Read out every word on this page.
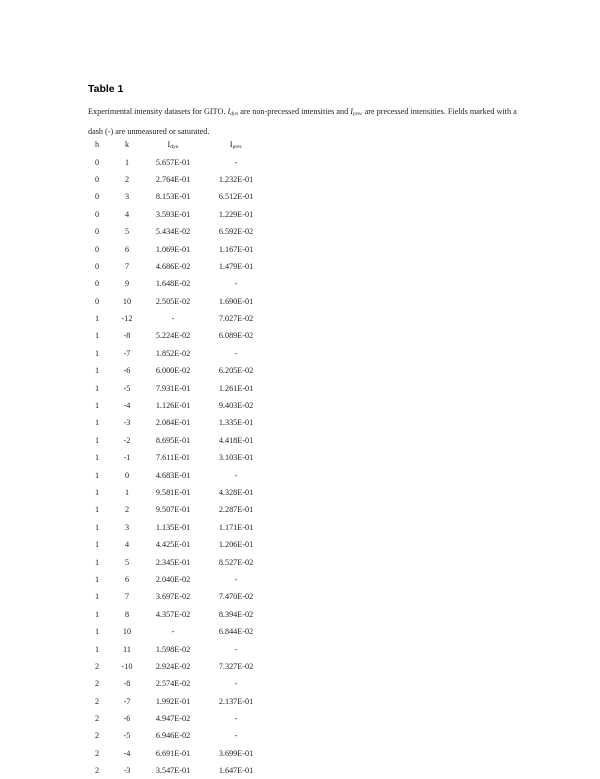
Table 1
Experimental intensity datasets for GITO. $I_{dyn}$ are non-precessed intensities and $I_{prec}$ are precessed intensities. Fields marked with a dash (-) are unmeasured or saturated.
h	k	$I_{dyn}$	$I_{prec}$
0	1	5.657E-01	-
0	2	2.764E-01	1.232E-01
0	3	8.153E-01	6.512E-01
0	4	3.593E-01	1.229E-01
0	5	5.434E-02	6.592E-02
0	6	1.069E-01	1.167E-01
0	7	4.686E-02	1.479E-01
0	9	1.648E-02	-
0	10	2.505E-02	1.690E-01
1	-12	-	7.027E-02
1	-8	5.224E-02	6.089E-02
1	-7	1.852E-02	-
1	-6	6.000E-02	6.205E-02
1	-5	7.931E-01	1.261E-01
1	-4	1.126E-01	9.403E-02
1	-3	2.084E-01	1.335E-01
1	-2	8.695E-01	4.418E-01
1	-1	7.611E-01	3.103E-01
1	0	4.683E-01	-
1	1	9.581E-01	4.328E-01
1	2	9.507E-01	2.287E-01
1	3	1.135E-01	1.171E-01
1	4	4.425E-01	1.206E-01
1	5	2.345E-01	8.527E-02
1	6	2.040E-02	-
1	7	3.697E-02	7.470E-02
1	8	4.357E-02	8.394E-02
1	10	-	6.844E-02
1	11	1.598E-02	-
2	-10	2.924E-02	7.327E-02
2	-8	2.574E-02	-
2	-7	1.992E-01	2.137E-01
2	-6	4.947E-02	-
2	-5	6.946E-02	-
2	-4	6.691E-01	3.699E-01
2	-3	3.547E-01	1.647E-01
